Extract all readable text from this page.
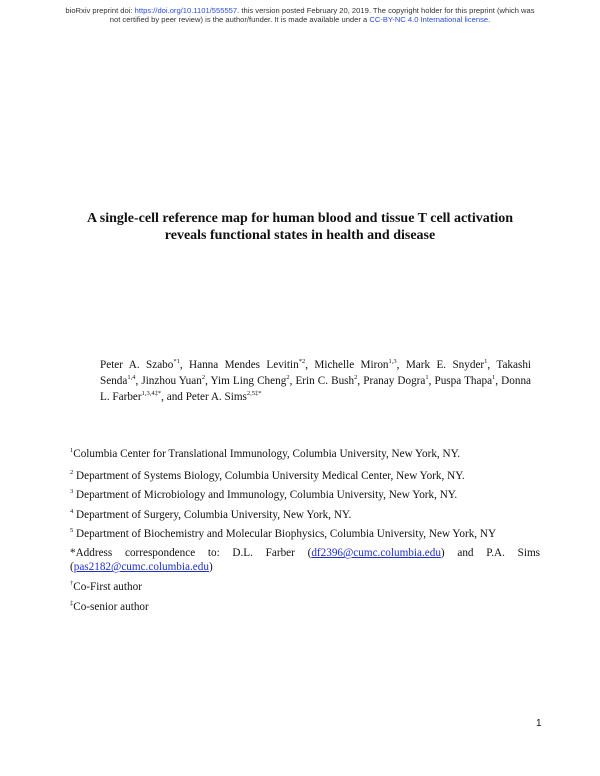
bioRxiv preprint doi: https://doi.org/10.1101/555557. this version posted February 20, 2019. The copyright holder for this preprint (which was
not certified by peer review) is the author/funder. It is made available under a CC-BY-NC 4.0 International license.
A single-cell reference map for human blood and tissue T cell activation
reveals functional states in health and disease
Peter A. Szabo$^{*1}$, Hanna Mendes Levitin$^{*2}$, Michelle Miron$^{1,3}$, Mark E. Snyder$^1$, Takashi Senda$^{1,4}$, Jinzhou Yuan$^2$, Yim Ling Cheng$^2$, Erin C. Bush$^2$, Pranay Dogra$^1$, Puspa Thapa$^1$, Donna L. Farber$^{1,3,4\ddagger*}$, and Peter A. Sims$^{2,5\ddagger*}$
$^1$Columbia Center for Translational Immunology, Columbia University, New York, NY.
$^2$ Department of Systems Biology, Columbia University Medical Center, New York, NY.
$^3$ Department of Microbiology and Immunology, Columbia University, New York, NY.
$^4$ Department of Surgery, Columbia University, New York, NY.
$^5$ Department of Biochemistry and Molecular Biophysics, Columbia University, New York, NY
*Address correspondence to: D.L. Farber (df2396@cumc.columbia.edu) and P.A. Sims (pas2182@cumc.columbia.edu)
†Co-First author
‡Co-senior author
1
